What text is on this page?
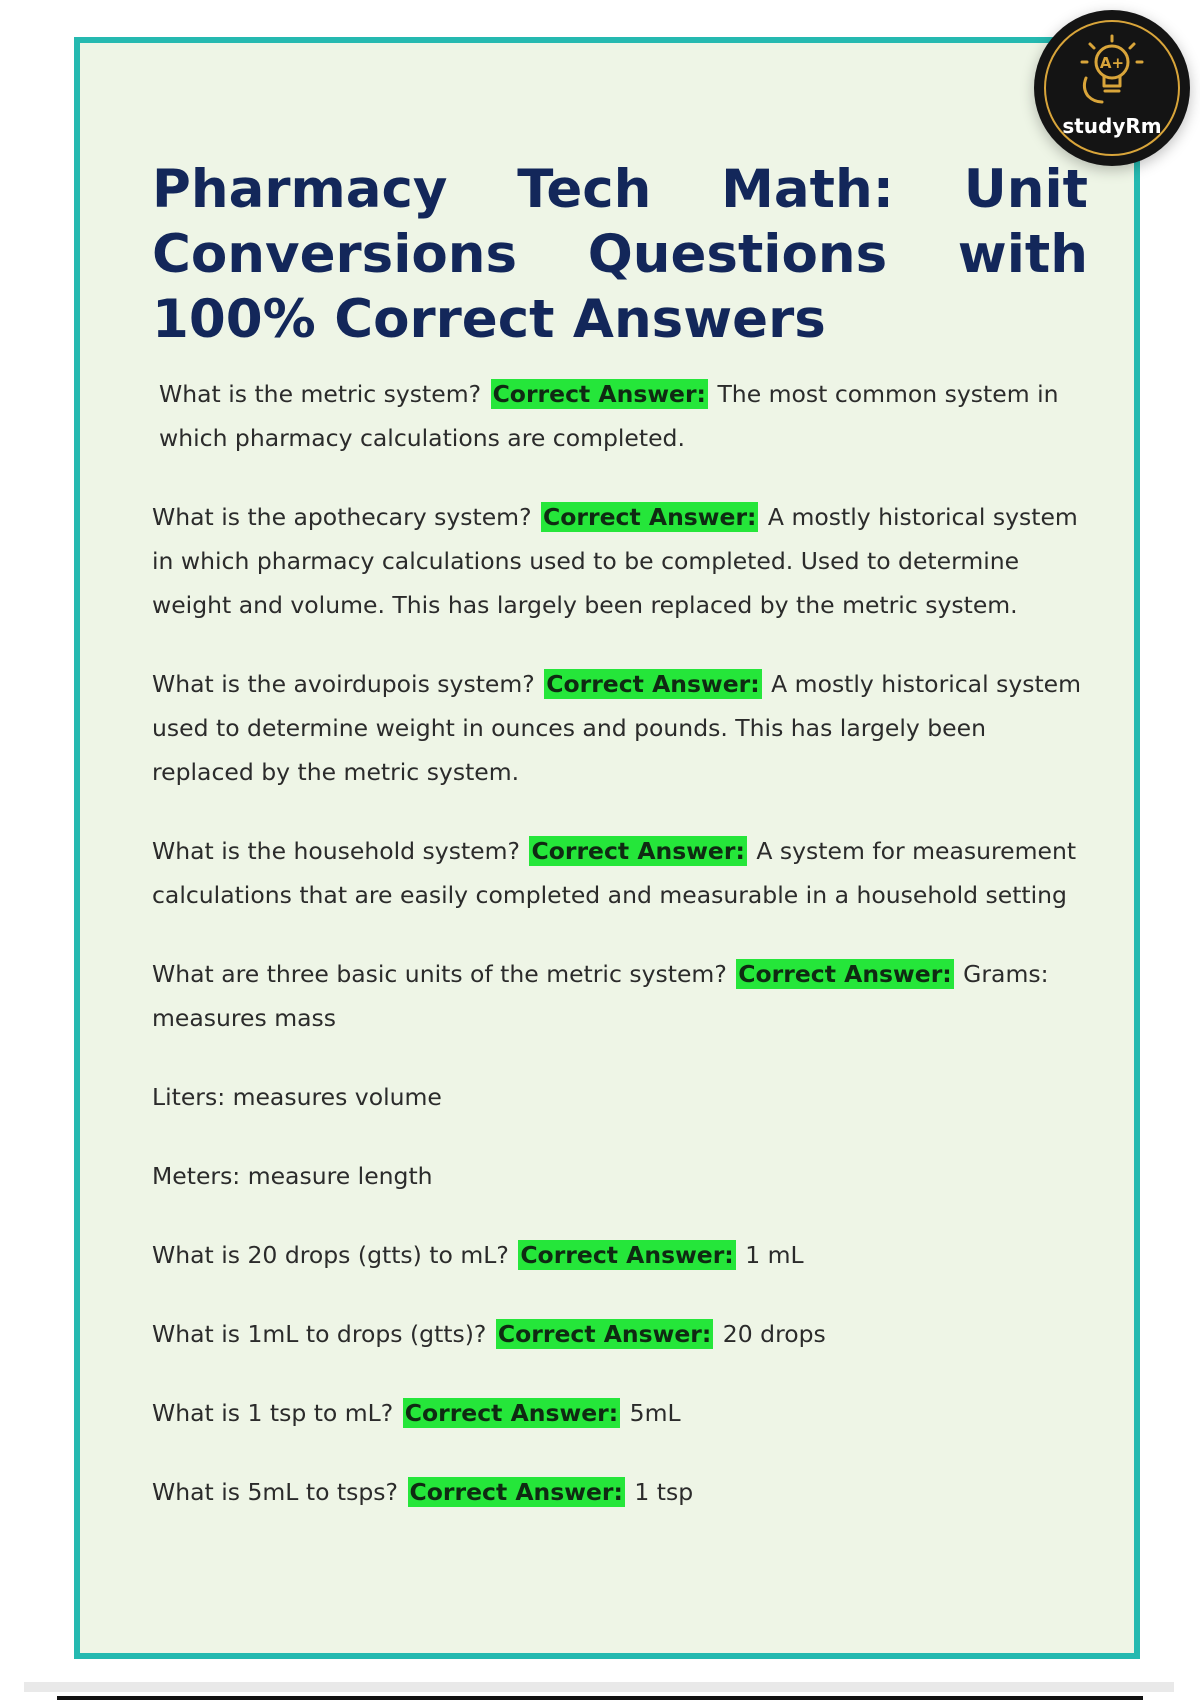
Pharmacy Tech Math: Unit Conversions Questions with 100% Correct Answers

What is the metric system? Correct Answer: The most common system in which pharmacy calculations are completed.

What is the apothecary system? Correct Answer: A mostly historical system in which pharmacy calculations used to be completed. Used to determine weight and volume. This has largely been replaced by the metric system.

What is the avoirdupois system? Correct Answer: A mostly historical system used to determine weight in ounces and pounds. This has largely been replaced by the metric system.

What is the household system? Correct Answer: A system for measurement calculations that are easily completed and measurable in a household setting

What are three basic units of the metric system? Correct Answer: Grams: measures mass

Liters: measures volume

Meters: measure length

What is 20 drops (gtts) to mL? Correct Answer: 1 mL

What is 1mL to drops (gtts)? Correct Answer: 20 drops

What is 1 tsp to mL? Correct Answer: 5mL

What is 5mL to tsps? Correct Answer: 1 tsp

A+
studyRm
